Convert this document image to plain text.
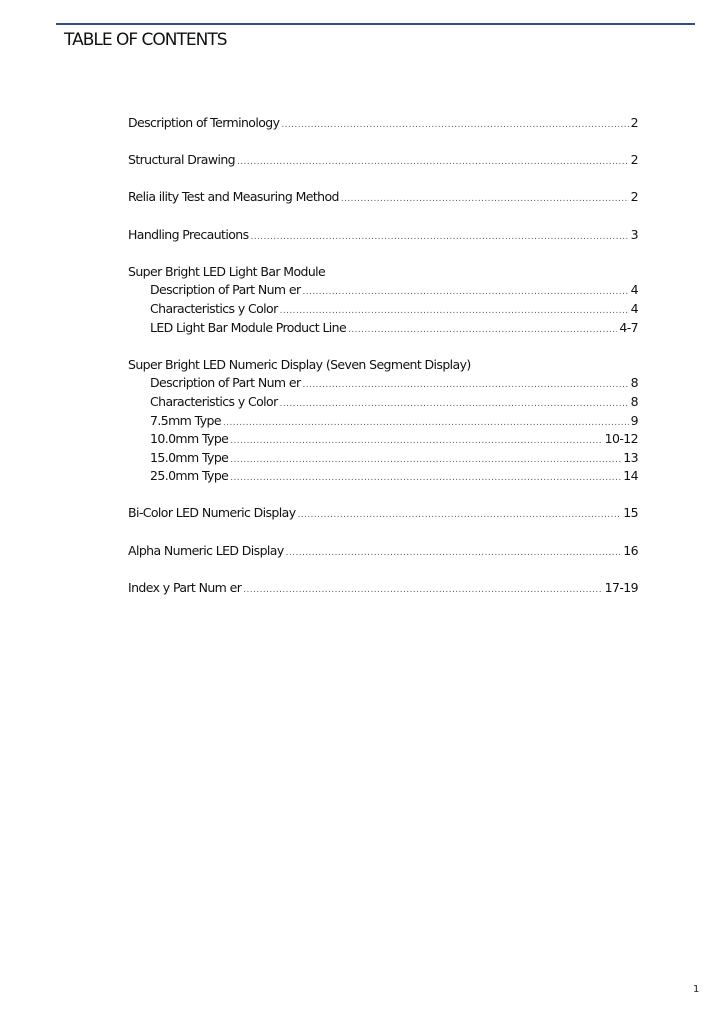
TABLE OF CONTENTS
Description of Terminology .....	2
Structural Drawing .....	2
Relia ility Test and Measuring Method .....	2
Handling Precautions .....	3
Super Bright LED Light Bar Module
Description of Part Num er .....	4
Characteristics y Color .....	4
LED Light Bar Module Product Line .....	4-7
Super Bright LED Numeric Display (Seven Segment Display)
Description of Part Num er .....	8
Characteristics y Color .....	8
7.5mm Type .....	9
10.0mm Type .....	10-12
15.0mm Type .....	13
25.0mm Type .....	14
Bi-Color LED Numeric Display .....	15
Alpha Numeric LED Display .....	16
Index y Part Num er .....	17-19
1
